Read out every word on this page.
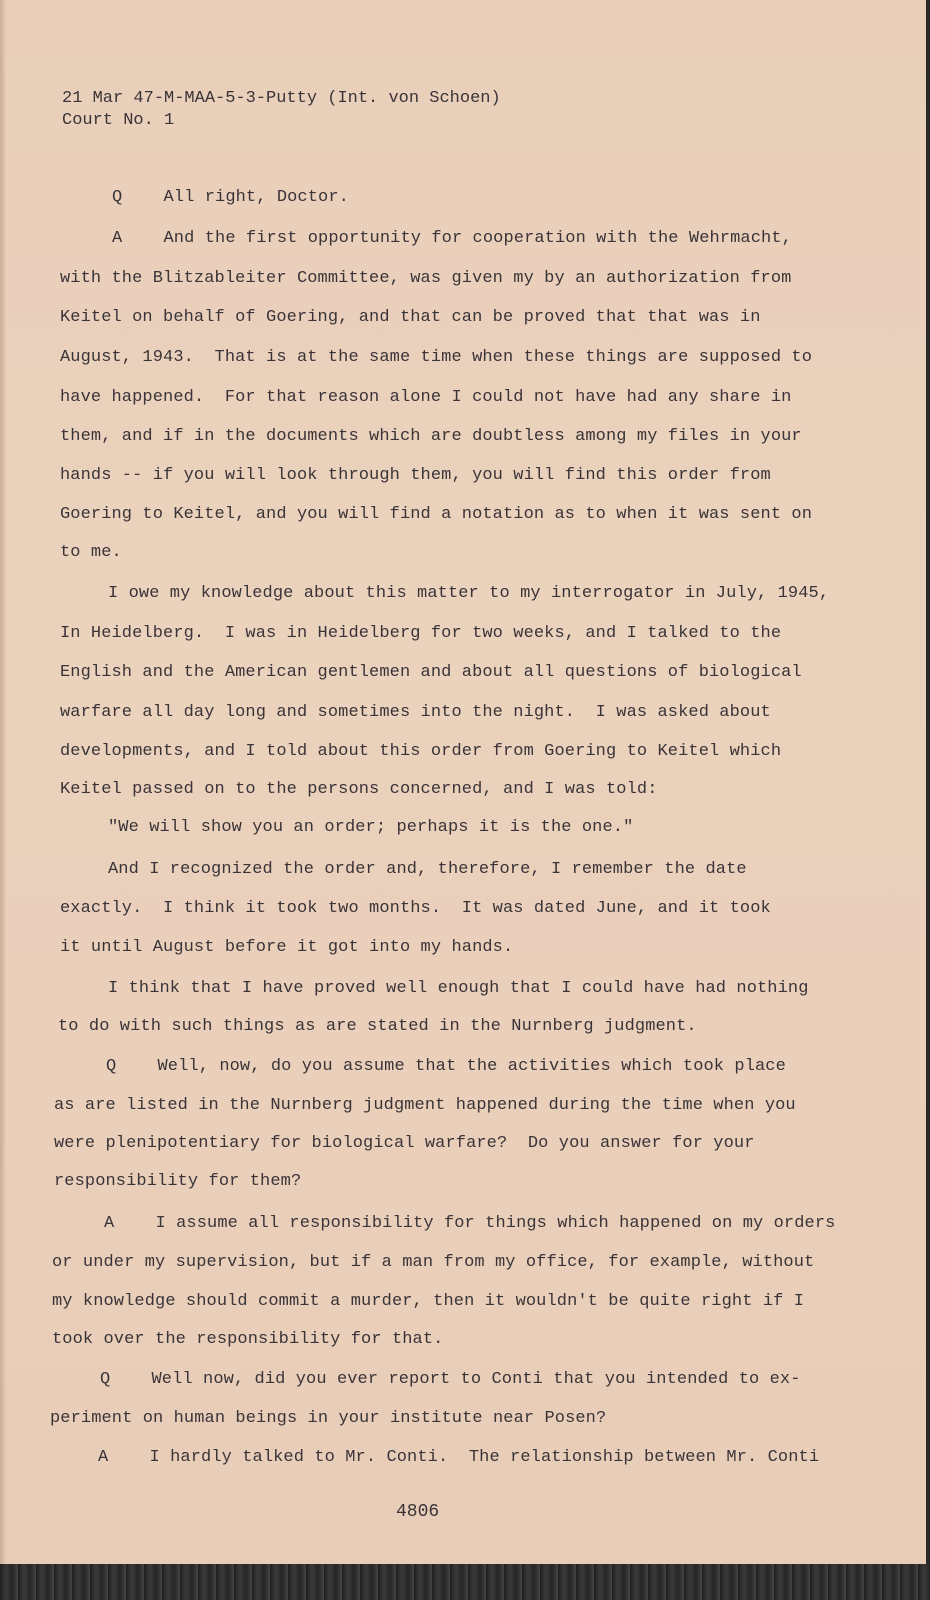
21 Mar 47-M-MAA-5-3-Putty (Int. von Schoen)
Court No. 1
Q    All right, Doctor.
A    And the first opportunity for cooperation with the Wehrmacht,
with the Blitzableiter Committee, was given my by an authorization from
Keitel on behalf of Goering, and that can be proved that that was in
August, 1943.  That is at the same time when these things are supposed to
have happened.  For that reason alone I could not have had any share in
them, and if in the documents which are doubtless among my files in your
hands -- if you will look through them, you will find this order from
Goering to Keitel, and you will find a notation as to when it was sent on
to me.
I owe my knowledge about this matter to my interrogator in July, 1945,
In Heidelberg.  I was in Heidelberg for two weeks, and I talked to the
English and the American gentlemen and about all questions of biological
warfare all day long and sometimes into the night.  I was asked about
developments, and I told about this order from Goering to Keitel which
Keitel passed on to the persons concerned, and I was told:
"We will show you an order; perhaps it is the one."
And I recognized the order and, therefore, I remember the date
exactly.  I think it took two months.  It was dated June, and it took
it until August before it got into my hands.
I think that I have proved well enough that I could have had nothing
to do with such things as are stated in the Nurnberg judgment.
Q    Well, now, do you assume that the activities which took place
as are listed in the Nurnberg judgment happened during the time when you
were plenipotentiary for biological warfare?  Do you answer for your
responsibility for them?
A    I assume all responsibility for things which happened on my orders
or under my supervision, but if a man from my office, for example, without
my knowledge should commit a murder, then it wouldn't be quite right if I
took over the responsibility for that.
Q    Well now, did you ever report to Conti that you intended to ex-
periment on human beings in your institute near Posen?
A    I hardly talked to Mr. Conti.  The relationship between Mr. Conti
4806
